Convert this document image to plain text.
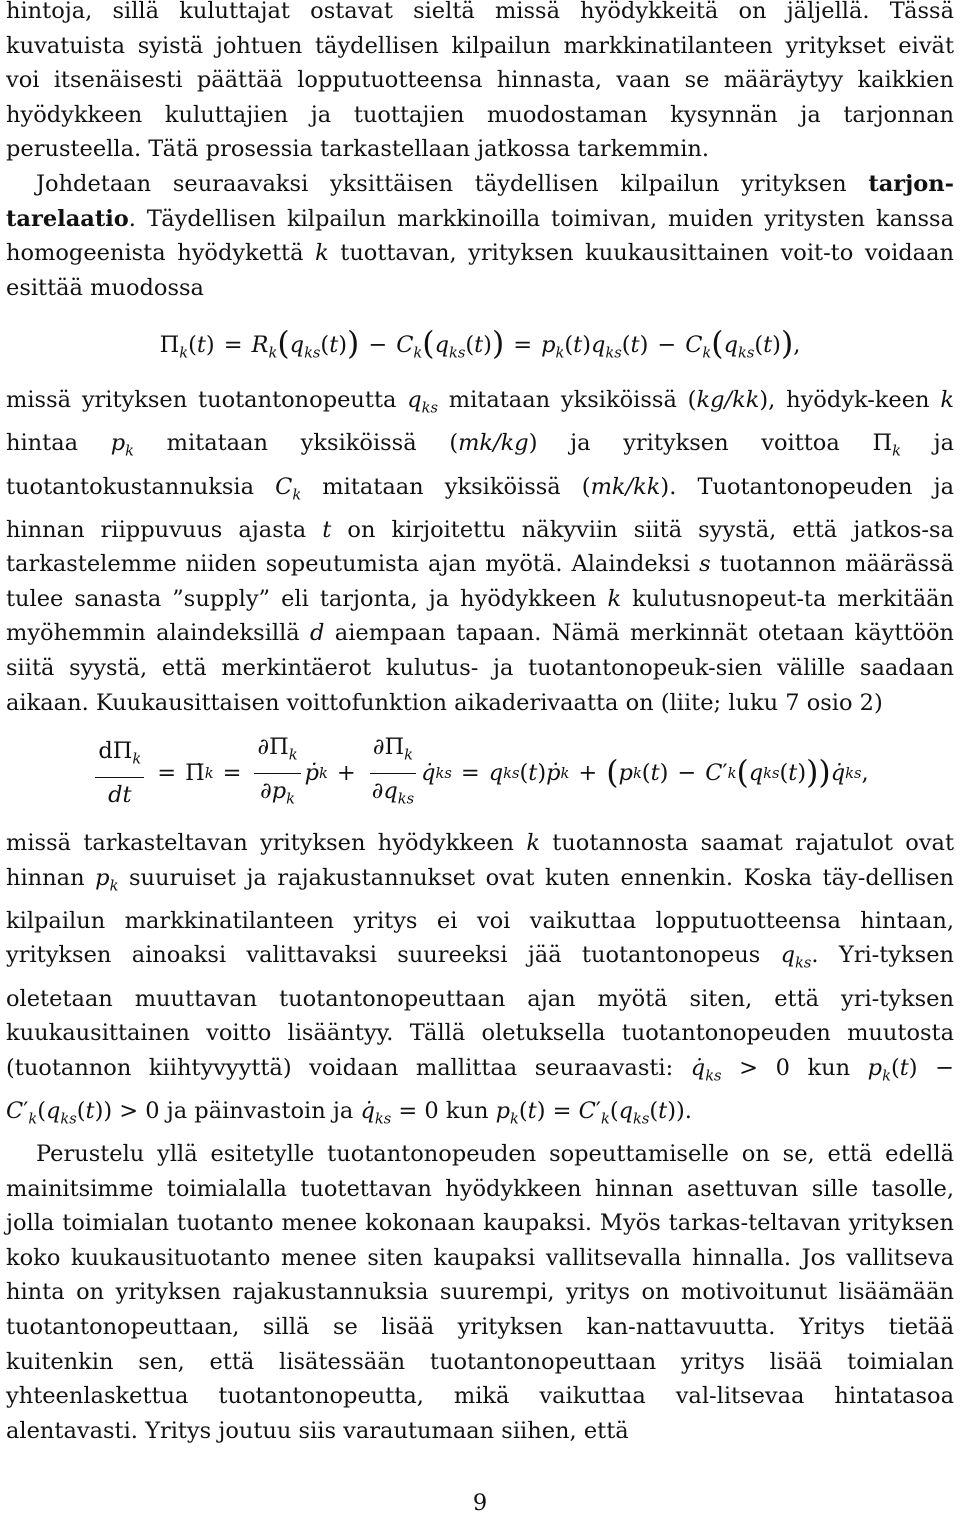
hintoja, sillä kuluttajat ostavat sieltä missä hyödykkeitä on jäljellä. Tässä kuvatuista syistä johtuen täydellisen kilpailun markkinatilanteen yritykset eivät voi itsenäisesti päättää lopputuotteensa hinnasta, vaan se määräytyy kaikkien hyödykkeen kuluttajien ja tuottajien muodostaman kysynnän ja tarjonnan perusteella. Tätä prosessia tarkastellaan jatkossa tarkemmin.

Johdetaan seuraavaksi yksittäisen täydellisen kilpailun yrityksen tarjon-tarelaatio. Täydellisen kilpailun markkinoilla toimivan, muiden yritysten kanssa homogeenista hyödykettä k tuottavan, yrityksen kuukausittainen voit-to voidaan esittää muodossa

$\Pi_k(t) = R_k(q_{ks}(t)) - C_k(q_{ks}(t)) = p_k(t)q_{ks}(t) - C_k(q_{ks}(t))$,

missä yrityksen tuotantonopeutta $q_{ks}$ mitataan yksiköissä (kg/kk), hyödyk-keen k hintaa $p_k$ mitataan yksiköissä (mk/kg) ja yrityksen voittoa $\Pi_k$ ja tuotantokustannuksia $C_k$ mitataan yksiköissä (mk/kk). Tuotantonopeuden ja hinnan riippuvuus ajasta t on kirjoitettu näkyviin siitä syystä, että jatkos-sa tarkastelemme niiden sopeutumista ajan myötä. Alaindeksi s tuotannon määrässä tulee sanasta ”supply” eli tarjonta, ja hyödykkeen k kulutusnopeut-ta merkitään myöhemmin alaindeksillä d aiempaan tapaan. Nämä merkinnät otetaan käyttöön siitä syystä, että merkintäerot kulutus- ja tuotantonopeuk-sien välille saadaan aikaan. Kuukausittaisen voittofunktion aikaderivaatta on (liite; luku 7 osio 2)

$\frac{d\Pi_k}{dt}$ = Π̇ $k = \frac{\partial\Pi_k}{\partial p_k}$ ṗ $k + \frac{\partial\Pi_k}{\partial q_{ks}}$ q̇ ks = q ks ( t ) ṗ k + ( p k ( t ) − C ′ k ( q ks ( t ) )) q̇ ks ,

missä tarkasteltavan yrityksen hyödykkeen k tuotannosta saamat rajatulot ovat hinnan $p_k$ suuruiset ja rajakustannukset ovat kuten ennenkin. Koska täy-dellisen kilpailun markkinatilanteen yritys ei voi vaikuttaa lopputuotteensa hintaan, yrityksen ainoaksi valittavaksi suureeksi jää tuotantonopeus $q_{ks}$. Yri-tyksen oletetaan muuttavan tuotantonopeuttaan ajan myötä siten, että yri-tyksen kuukausittainen voitto lisääntyy. Tällä oletuksella tuotantonopeuden muutosta (tuotannon kiihtyvyyttä) voidaan mallittaa seuraavasti: $q̇_{ks} > 0$ kun $p_k(t) - C'_k(q_{ks}(t)) > 0$ ja päinvastoin ja $q̇_{ks} = 0$ kun $p_k(t) = C'_k(q_{ks}(t))$.

Perustelu yllä esitetylle tuotantonopeuden sopeuttamiselle on se, että edellä mainitsimme toimialalla tuotettavan hyödykkeen hinnan asettuvan sille tasolle, jolla toimialan tuotanto menee kokonaan kaupaksi. Myös tarkas-teltavan yrityksen koko kuukausituotanto menee siten kaupaksi vallitsevalla hinnalla. Jos vallitseva hinta on yrityksen rajakustannuksia suurempi, yritys on motivoitunut lisäämään tuotantonopeuttaan, sillä se lisää yrityksen kan-nattavuutta. Yritys tietää kuitenkin sen, että lisätessään tuotantonopeuttaan yritys lisää toimialan yhteenlaskettua tuotantonopeutta, mikä vaikuttaa val-litsevaa hintatasoa alentavasti. Yritys joutuu siis varautumaan siihen, että

9
